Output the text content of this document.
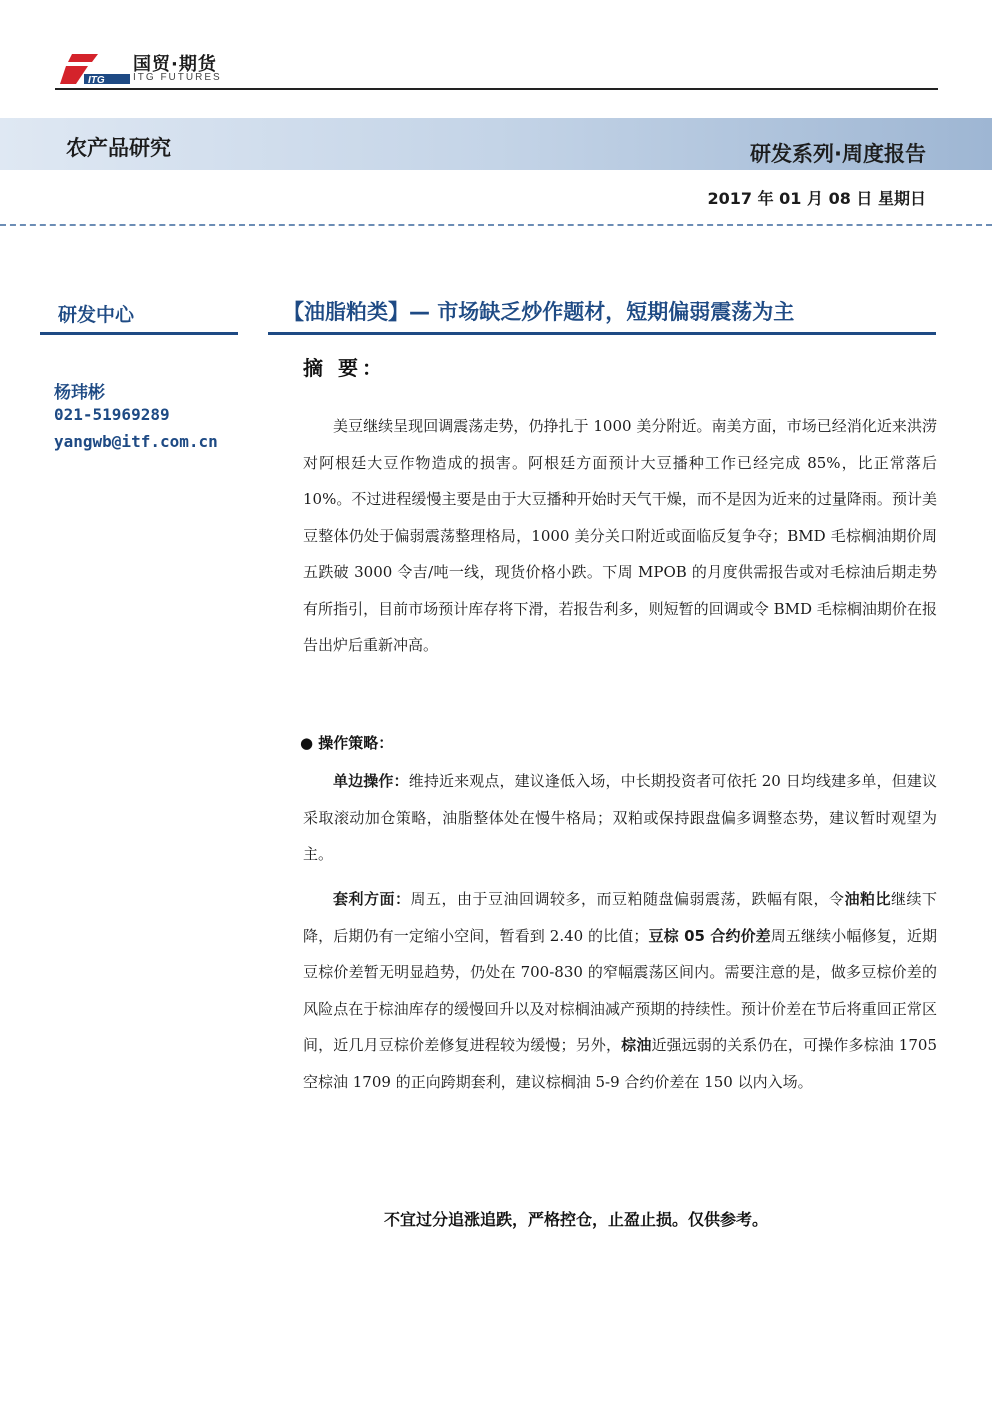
ITG
国贸·期货
ITG FUTURES
农产品研究	研发系列·周度报告
2017 年 01 月 08 日 星期日
研发中心
杨玮彬
021-51969289
yangwb@itf.com.cn
【油脂粕类】— 市场缺乏炒作题材，短期偏弱震荡为主
摘 要：

美豆继续呈现回调震荡走势，仍挣扎于 1000 美分附近。南美方面，市场已经消化近来洪涝对阿根廷大豆作物造成的损害。阿根廷方面预计大豆播种工作已经完成 85%，比正常落后 10%。不过进程缓慢主要是由于大豆播种开始时天气干燥，而不是因为近来的过量降雨。预计美豆整体仍处于偏弱震荡整理格局，1000 美分关口附近或面临反复争夺；BMD 毛棕榈油期价周五跌破 3000 令吉/吨一线，现货价格小跌。下周 MPOB 的月度供需报告或对毛棕油后期走势有所指引，目前市场预计库存将下滑，若报告利多，则短暂的回调或令 BMD 毛棕榈油期价在报告出炉后重新冲高。

● 操作策略：

单边操作：维持近来观点，建议逢低入场，中长期投资者可依托 20 日均线建多单，但建议采取滚动加仓策略，油脂整体处在慢牛格局；双粕或保持跟盘偏多调整态势，建议暂时观望为主。

套利方面：周五，由于豆油回调较多，而豆粕随盘偏弱震荡，跌幅有限，令油粕比继续下降，后期仍有一定缩小空间，暂看到 2.40 的比值；豆棕 05 合约价差周五继续小幅修复，近期豆棕价差暂无明显趋势，仍处在 700-830 的窄幅震荡区间内。需要注意的是，做多豆棕价差的风险点在于棕油库存的缓慢回升以及对棕榈油减产预期的持续性。预计价差在节后将重回正常区间，近几月豆棕价差修复进程较为缓慢；另外，棕油近强远弱的关系仍在，可操作多棕油 1705 空棕油 1709 的正向跨期套利，建议棕榈油 5-9 合约价差在 150 以内入场。

不宜过分追涨追跌，严格控仓，止盈止损。仅供参考。
